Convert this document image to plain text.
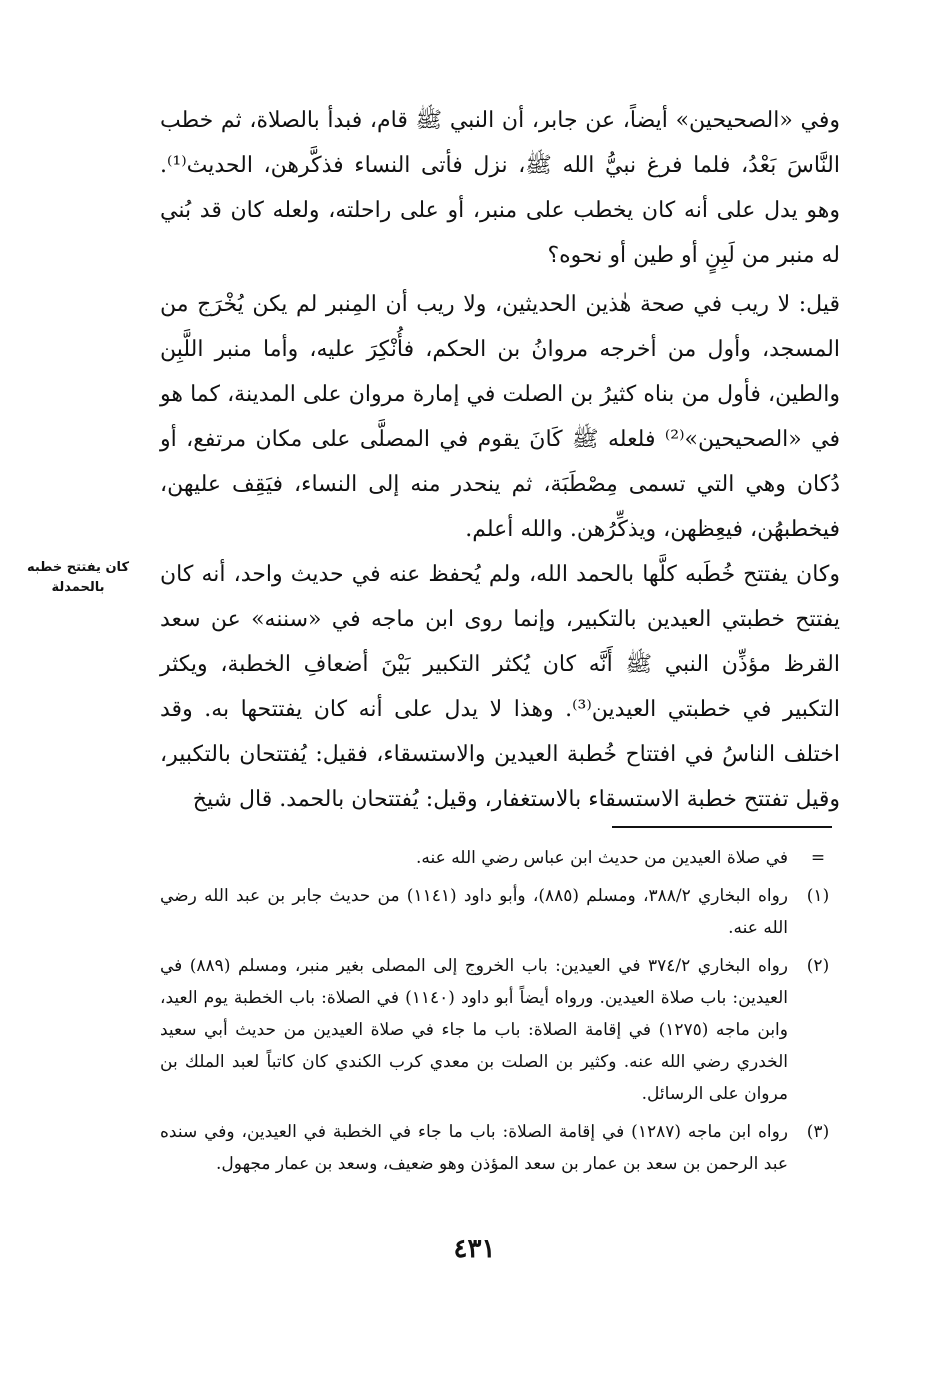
وفي «الصحيحين» أيضاً، عن جابر، أن النبي ﷺ قام، فبدأ بالصلاة، ثم خطب النَّاسَ بَعْدُ، فلما فرغ نبيُّ الله ﷺ، نزل فأتى النساء فذكَّرهن، الحديث⁽¹⁾. وهو يدل على أنه كان يخطب على منبر، أو على راحلته، ولعله كان قد بُني له منبر من لَبِنٍ أو طين أو نحوه؟

قيل: لا ريب في صحة هٰذين الحديثين، ولا ريب أن المِنبر لم يكن يُخْرَج من المسجد، وأول من أخرجه مروانُ بن الحكم، فأُنْكِرَ عليه، وأما منبر اللَّبِن والطين، فأول من بناه كثيرُ بن الصلت في إمارة مروان على المدينة، كما هو في «الصحيحين»⁽²⁾ فلعله ﷺ كَانَ يقوم في المصلَّى على مكان مرتفع، أو دُكان وهي التي تسمى مِصْطَبَة، ثم ينحدر منه إلى النساء، فيَقِف عليهن، فيخطبهُن، فيعِظهن، ويذكِّرُهن. والله أعلم.

وكان يفتتح خُطَبه كلَّها بالحمد الله، ولم يُحفظ عنه في حديث واحد، أنه كان يفتتح خطبتي العيدين بالتكبير، وإنما روى ابن ماجه في «سننه» عن سعد القرظ مؤذِّن النبي ﷺ أَنَّه كان يُكثر التكبير بَيْنَ أضعافِ الخطبة، ويكثر التكبير في خطبتي العيدين⁽³⁾. وهذا لا يدل على أنه كان يفتتحها به. وقد اختلف الناسُ في افتتاح خُطبة العيدين والاستسقاء، فقيل: يُفتتحان بالتكبير، وقيل تفتتح خطبة الاستسقاء بالاستغفار، وقيل: يُفتتحان بالحمد. قال شيخ

كان يفتتح خطبه بالحمدلة
=
في صلاة العيدين من حديث ابن عباس رضي الله عنه.
(١)
رواه البخاري ٣٨٨/٢، ومسلم (٨٨٥)، وأبو داود (١١٤١) من حديث جابر بن عبد الله رضي الله عنه.
(٢)
رواه البخاري ٣٧٤/٢ في العيدين: باب الخروج إلى المصلى بغير منبر، ومسلم (٨٨٩) في العيدين: باب صلاة العيدين. ورواه أيضاً أبو داود (١١٤٠) في الصلاة: باب الخطبة يوم العيد، وابن ماجه (١٢٧٥) في إقامة الصلاة: باب ما جاء في صلاة العيدين من حديث أبي سعيد الخدري رضي الله عنه. وكثير بن الصلت بن معدي كرب الكندي كان كاتباً لعبد الملك بن مروان على الرسائل.
(٣)
رواه ابن ماجه (١٢٨٧) في إقامة الصلاة: باب ما جاء في الخطبة في العيدين، وفي سنده عبد الرحمن بن سعد بن عمار بن سعد المؤذن وهو ضعيف، وسعد بن عمار مجهول.
٤٣١
